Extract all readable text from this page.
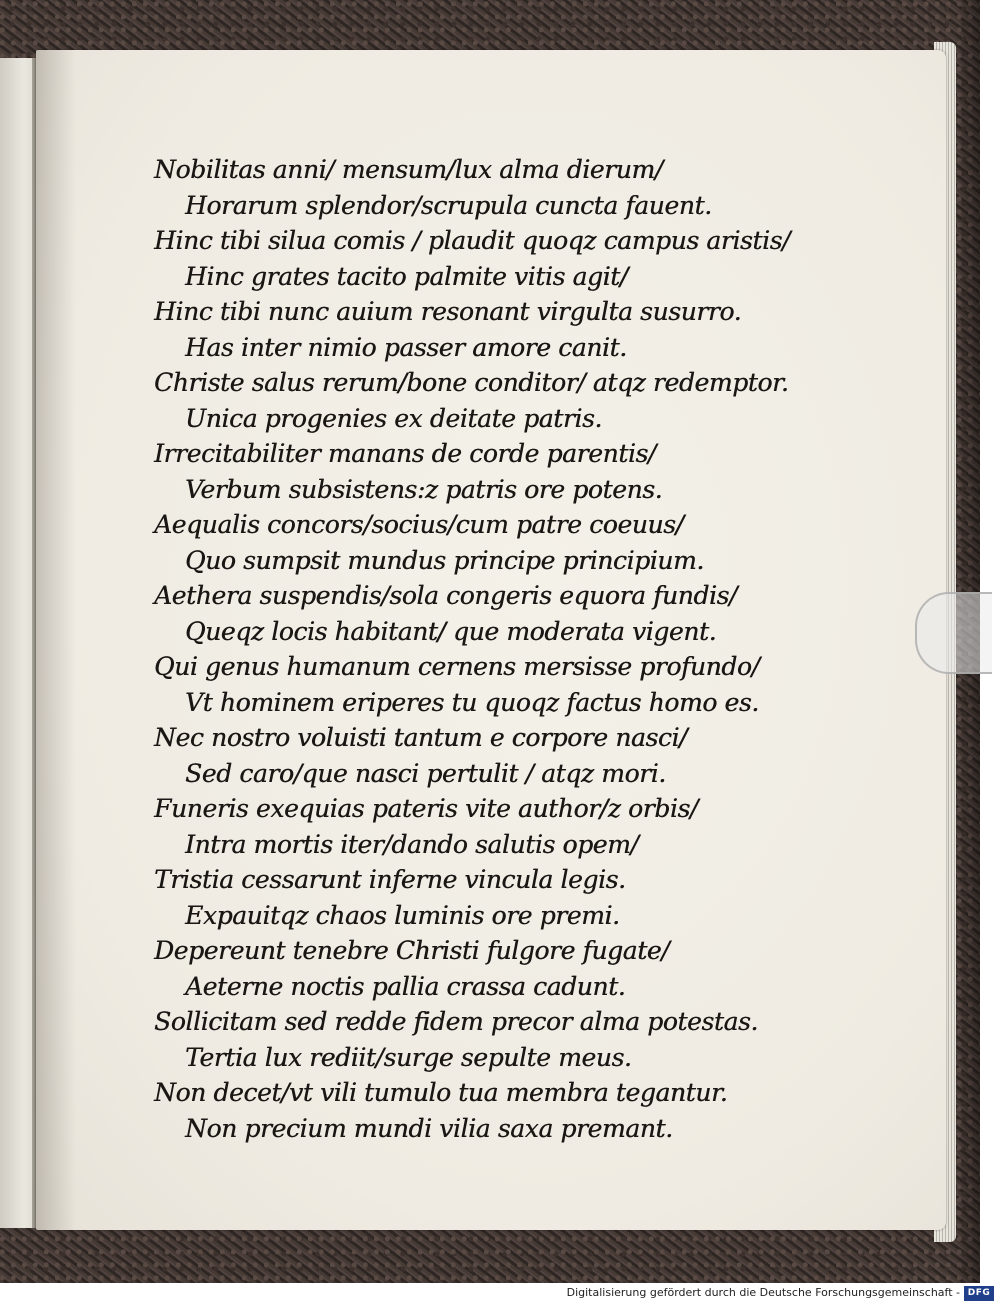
Nobilitas anni/ mensum/lux alma dierum/
Horarum splendor/scrupula cuncta fauent.
Hinc tibi silua comis / plaudit quoqz campus aristis/
Hinc grates tacito palmite vitis agit/
Hinc tibi nunc auium resonant virgulta susurro.
Has inter nimio passer amore canit.
Christe salus rerum/bone conditor/ atqz redemptor.
Unica progenies ex deitate patris.
Irrecitabiliter manans de corde parentis/
Verbum subsistens:z patris ore potens.
Aequalis concors/socius/cum patre coeuus/
Quo sumpsit mundus principe principium.
Aethera suspendis/sola congeris equora fundis/
Queqz locis habitant/ que moderata vigent.
Qui genus humanum cernens mersisse profundo/
Vt hominem eriperes tu quoqz factus homo es.
Nec nostro voluisti tantum e corpore nasci/
Sed caro/que nasci pertulit / atqz mori.
Funeris exequias pateris vite author/z orbis/
Intra mortis iter/dando salutis opem/
Tristia cessarunt inferne vincula legis.
Expauitqz chaos luminis ore premi.
Depereunt tenebre Christi fulgore fugate/
Aeterne noctis pallia crassa cadunt.
Sollicitam sed redde fidem precor alma potestas.
Tertia lux rediit/surge sepulte meus.
Non decet/vt vili tumulo tua membra tegantur.
Non precium mundi vilia saxa premant.
Digitalisierung gefördert durch die Deutsche Forschungsgemeinschaft - DFG
